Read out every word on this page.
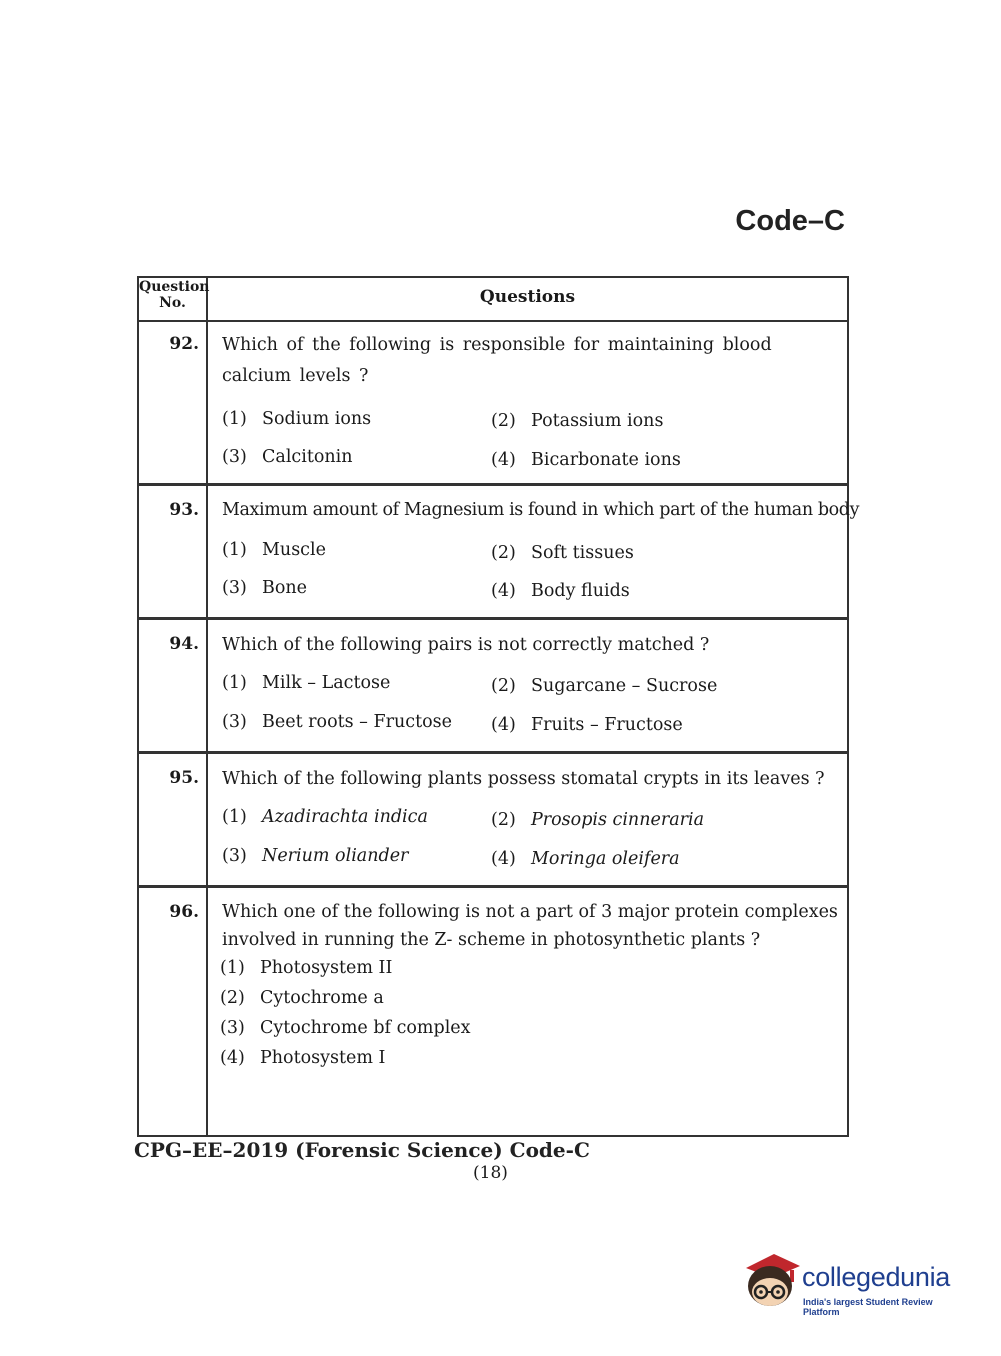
Code–C
Question
No.	Questions
92. Which of the following is responsible for maintaining blood calcium levels ?
(1) Sodium ions	(2) Potassium ions
(3) Calcitonin	(4) Bicarbonate ions
93. Maximum amount of Magnesium is found in which part of the human body
(1) Muscle	(2) Soft tissues
(3) Bone	(4) Body fluids
94. Which of the following pairs is not correctly matched ?
(1) Milk – Lactose	(2) Sugarcane – Sucrose
(3) Beet roots – Fructose (4) Fruits – Fructose
95. Which of the following plants possess stomatal crypts in its leaves ?
(1) Azadirachta indica	(2) Prosopis cinneraria
(3) Nerium oliander	(4) Moringa oleifera
96. Which one of the following is not a part of 3 major protein complexes involved in running the Z- scheme in photosynthetic plants ?
(1) Photosystem II
(2) Cytochrome a
(3) Cytochrome bf complex
(4) Photosystem I
CPG–EE–2019 (Forensic Science) Code-C
(18)
collegedunia
India's largest Student Review Platform
